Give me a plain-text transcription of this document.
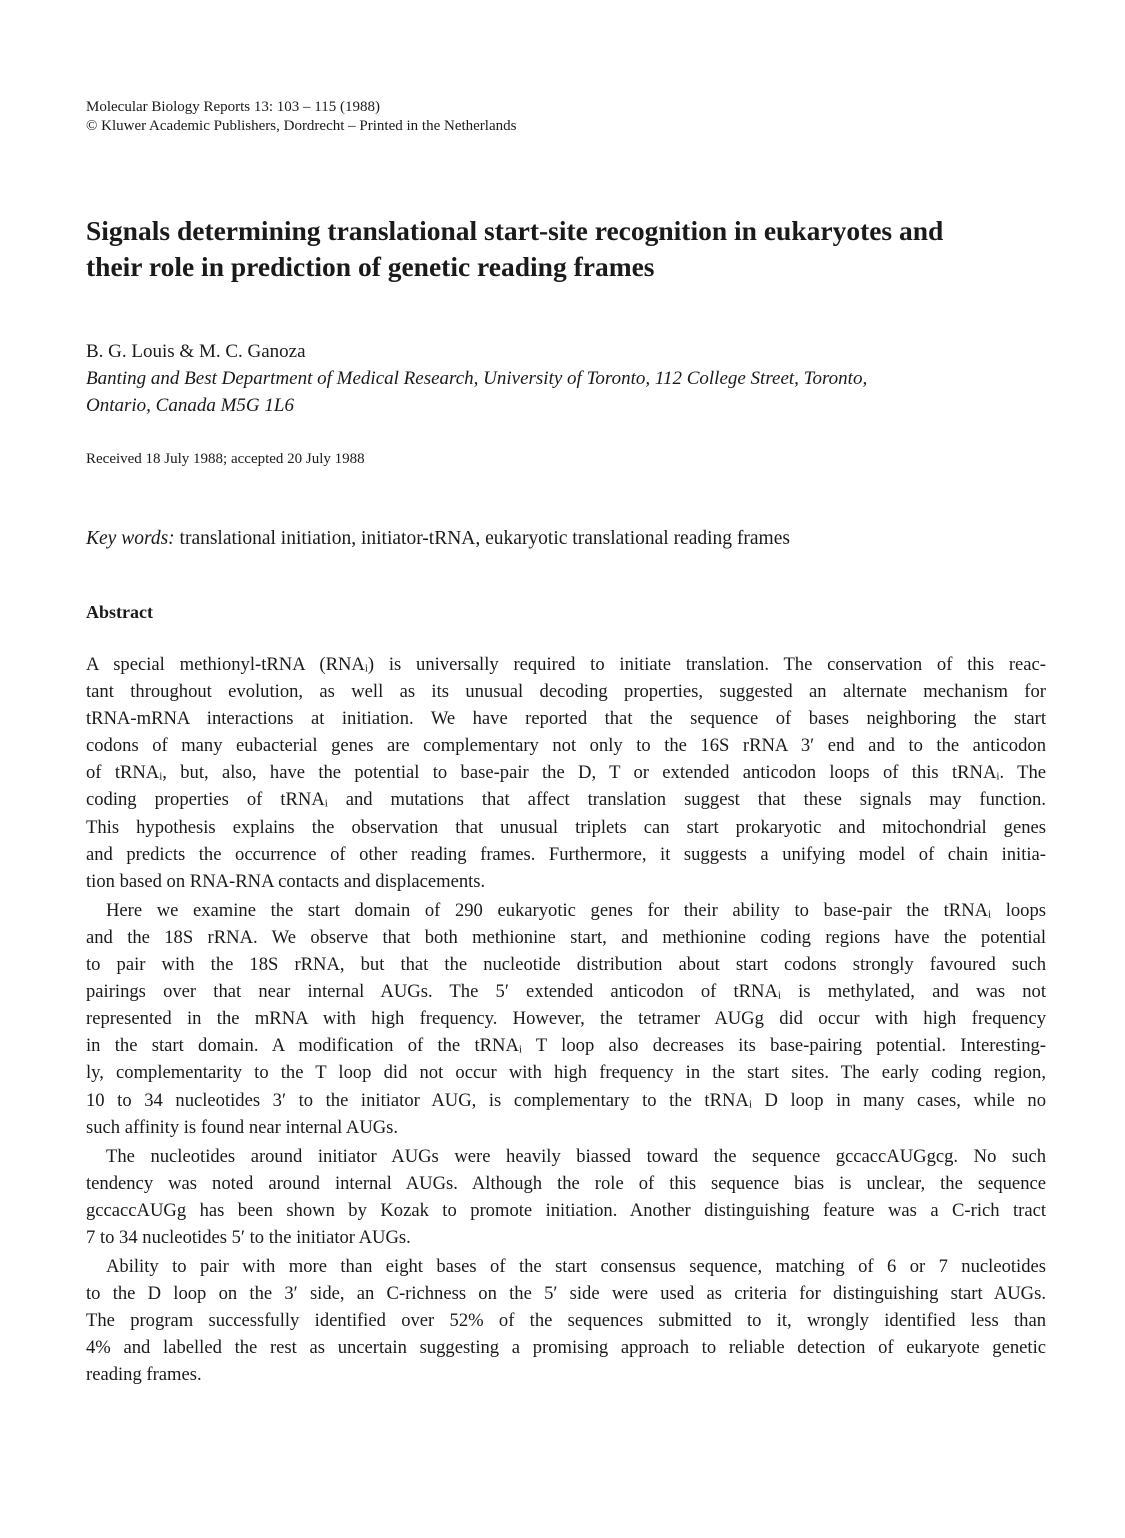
Molecular Biology Reports 13: 103 – 115 (1988)
© Kluwer Academic Publishers, Dordrecht – Printed in the Netherlands
Signals determining translational start-site recognition in eukaryotes and
their role in prediction of genetic reading frames
B. G. Louis & M. C. Ganoza
Banting and Best Department of Medical Research, University of Toronto, 112 College Street, Toronto,
Ontario, Canada M5G 1L6
Received 18 July 1988; accepted 20 July 1988
Key words: translational initiation, initiator-tRNA, eukaryotic translational reading frames
Abstract
A special methionyl-tRNA (RNAᵢ) is universally required to initiate translation. The conservation of this reac-
tant throughout evolution, as well as its unusual decoding properties, suggested an alternate mechanism for
tRNA-mRNA interactions at initiation. We have reported that the sequence of bases neighboring the start
codons of many eubacterial genes are complementary not only to the 16S rRNA 3′ end and to the anticodon
of tRNAᵢ, but, also, have the potential to base-pair the D, T or extended anticodon loops of this tRNAᵢ. The
coding properties of tRNAᵢ and mutations that affect translation suggest that these signals may function.
This hypothesis explains the observation that unusual triplets can start prokaryotic and mitochondrial genes
and predicts the occurrence of other reading frames. Furthermore, it suggests a unifying model of chain initia-
tion based on RNA-RNA contacts and displacements.
Here we examine the start domain of 290 eukaryotic genes for their ability to base-pair the tRNAᵢ loops
and the 18S rRNA. We observe that both methionine start, and methionine coding regions have the potential
to pair with the 18S rRNA, but that the nucleotide distribution about start codons strongly favoured such
pairings over that near internal AUGs. The 5′ extended anticodon of tRNAᵢ is methylated, and was not
represented in the mRNA with high frequency. However, the tetramer AUGg did occur with high frequency
in the start domain. A modification of the tRNAᵢ T loop also decreases its base-pairing potential. Interesting-
ly, complementarity to the T loop did not occur with high frequency in the start sites. The early coding region,
10 to 34 nucleotides 3′ to the initiator AUG, is complementary to the tRNAᵢ D loop in many cases, while no
such affinity is found near internal AUGs.
The nucleotides around initiator AUGs were heavily biassed toward the sequence gccaccAUGgcg. No such
tendency was noted around internal AUGs. Although the role of this sequence bias is unclear, the sequence
gccaccAUGg has been shown by Kozak to promote initiation. Another distinguishing feature was a C-rich tract
7 to 34 nucleotides 5′ to the initiator AUGs.
Ability to pair with more than eight bases of the start consensus sequence, matching of 6 or 7 nucleotides
to the D loop on the 3′ side, an C-richness on the 5′ side were used as criteria for distinguishing start AUGs.
The program successfully identified over 52% of the sequences submitted to it, wrongly identified less than
4% and labelled the rest as uncertain suggesting a promising approach to reliable detection of eukaryote genetic
reading frames.
